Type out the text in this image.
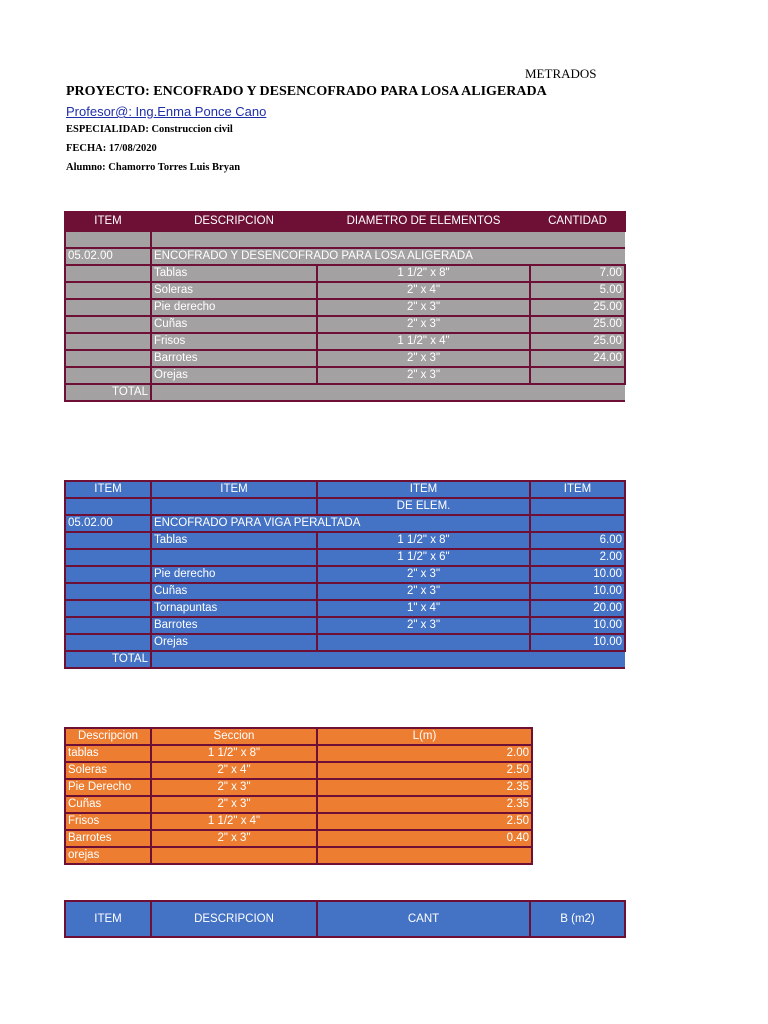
METRADOS
PROYECTO: ENCOFRADO Y DESENCOFRADO PARA LOSA ALIGERADA
Profesor@: Ing.Enma Ponce Cano
ESPECIALIDAD: Construccion civil
FECHA: 17/08/2020
Alumno: Chamorro Torres Luis Bryan
ITEM	DESCRIPCION	DIAMETRO DE ELEMENTOS	CANTIDAD

05.02.00	ENCOFRADO Y DESENCOFRADO PARA LOSA ALIGERADA		
	Tablas	1 1/2" x 8"	7.00
	Soleras	2" x 4"	5.00
	Pie derecho	2" x 3"	25.00
	Cuñas	2" x 3"	25.00
	Frisos	1 1/2" x 4"	25.00
	Barrotes	2" x 3"	24.00
	Orejas	2" x 3"	
TOTAL			
ITEM	ITEM	ITEM	ITEM
		DE ELEM.	
05.02.00	ENCOFRADO PARA VIGA PERALTADA		
	Tablas	1 1/2" x 8"	6.00
		1 1/2" x 6"	2.00
	Pie derecho	2" x 3"	10.00
	Cuñas	2" x 3"	10.00
	Tornapuntas	1" x 4"	20.00
	Barrotes	2" x 3"	10.00
	Orejas		10.00
TOTAL			
Descripcion	Seccion	L(m)
tablas	1 1/2" x 8"	2.00
Soleras	2" x 4"	2.50
Pie Derecho	2" x 3"	2.35
Cuñas	2" x 3"	2.35
Frisos	1 1/2" x 4"	2.50
Barrotes	2" x 3"	0.40
orejas		
ITEM	DESCRIPCION	CANT	B (m2)
